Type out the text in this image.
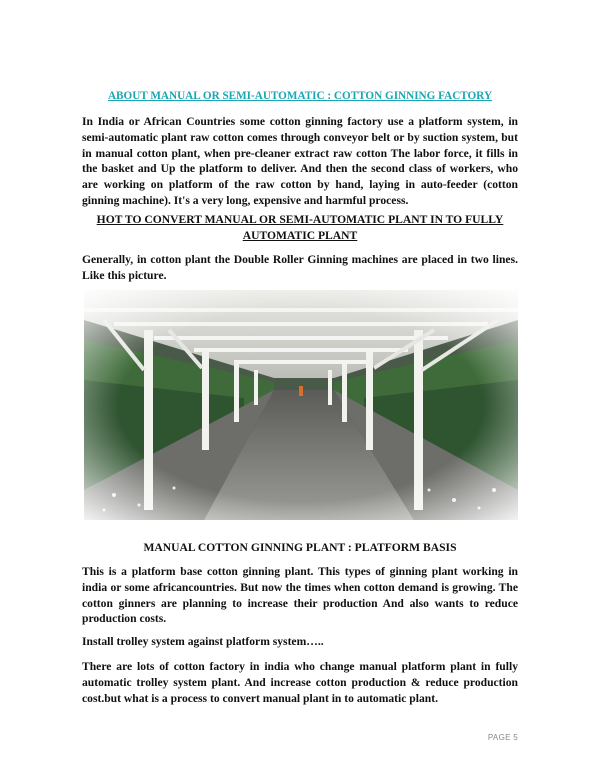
ABOUT MANUAL OR SEMI-AUTOMATIC : COTTON GINNING FACTORY

In India or African Countries some cotton ginning factory use a platform system, in semi-automatic plant raw cotton comes through conveyor belt or by suction system, but in manual cotton plant, when pre-cleaner extract raw cotton The labor force, it fills in the basket and Up the platform to deliver. And then the second class of workers, who are working on platform of the raw cotton by hand, laying in auto-feeder (cotton ginning machine). It's a very long, expensive and harmful process.

HOT TO CONVERT MANUAL OR SEMI-AUTOMATIC PLANT IN TO FULLY AUTOMATIC PLANT

Generally, in cotton plant the Double Roller Ginning machines are placed in two lines. Like this picture.

MANUAL COTTON GINNING PLANT : PLATFORM BASIS

This is a platform base cotton ginning plant. This types of ginning plant working in india or some africancountries. But now the times when cotton demand is growing. The cotton ginners are planning to increase their production And also wants to reduce production costs.

Install trolley system against platform system…..

There are lots of cotton factory in india who change manual platform plant in fully automatic trolley system plant. And increase cotton production & reduce production cost.but what is a process to convert manual plant in to automatic plant.

PAGE 5
